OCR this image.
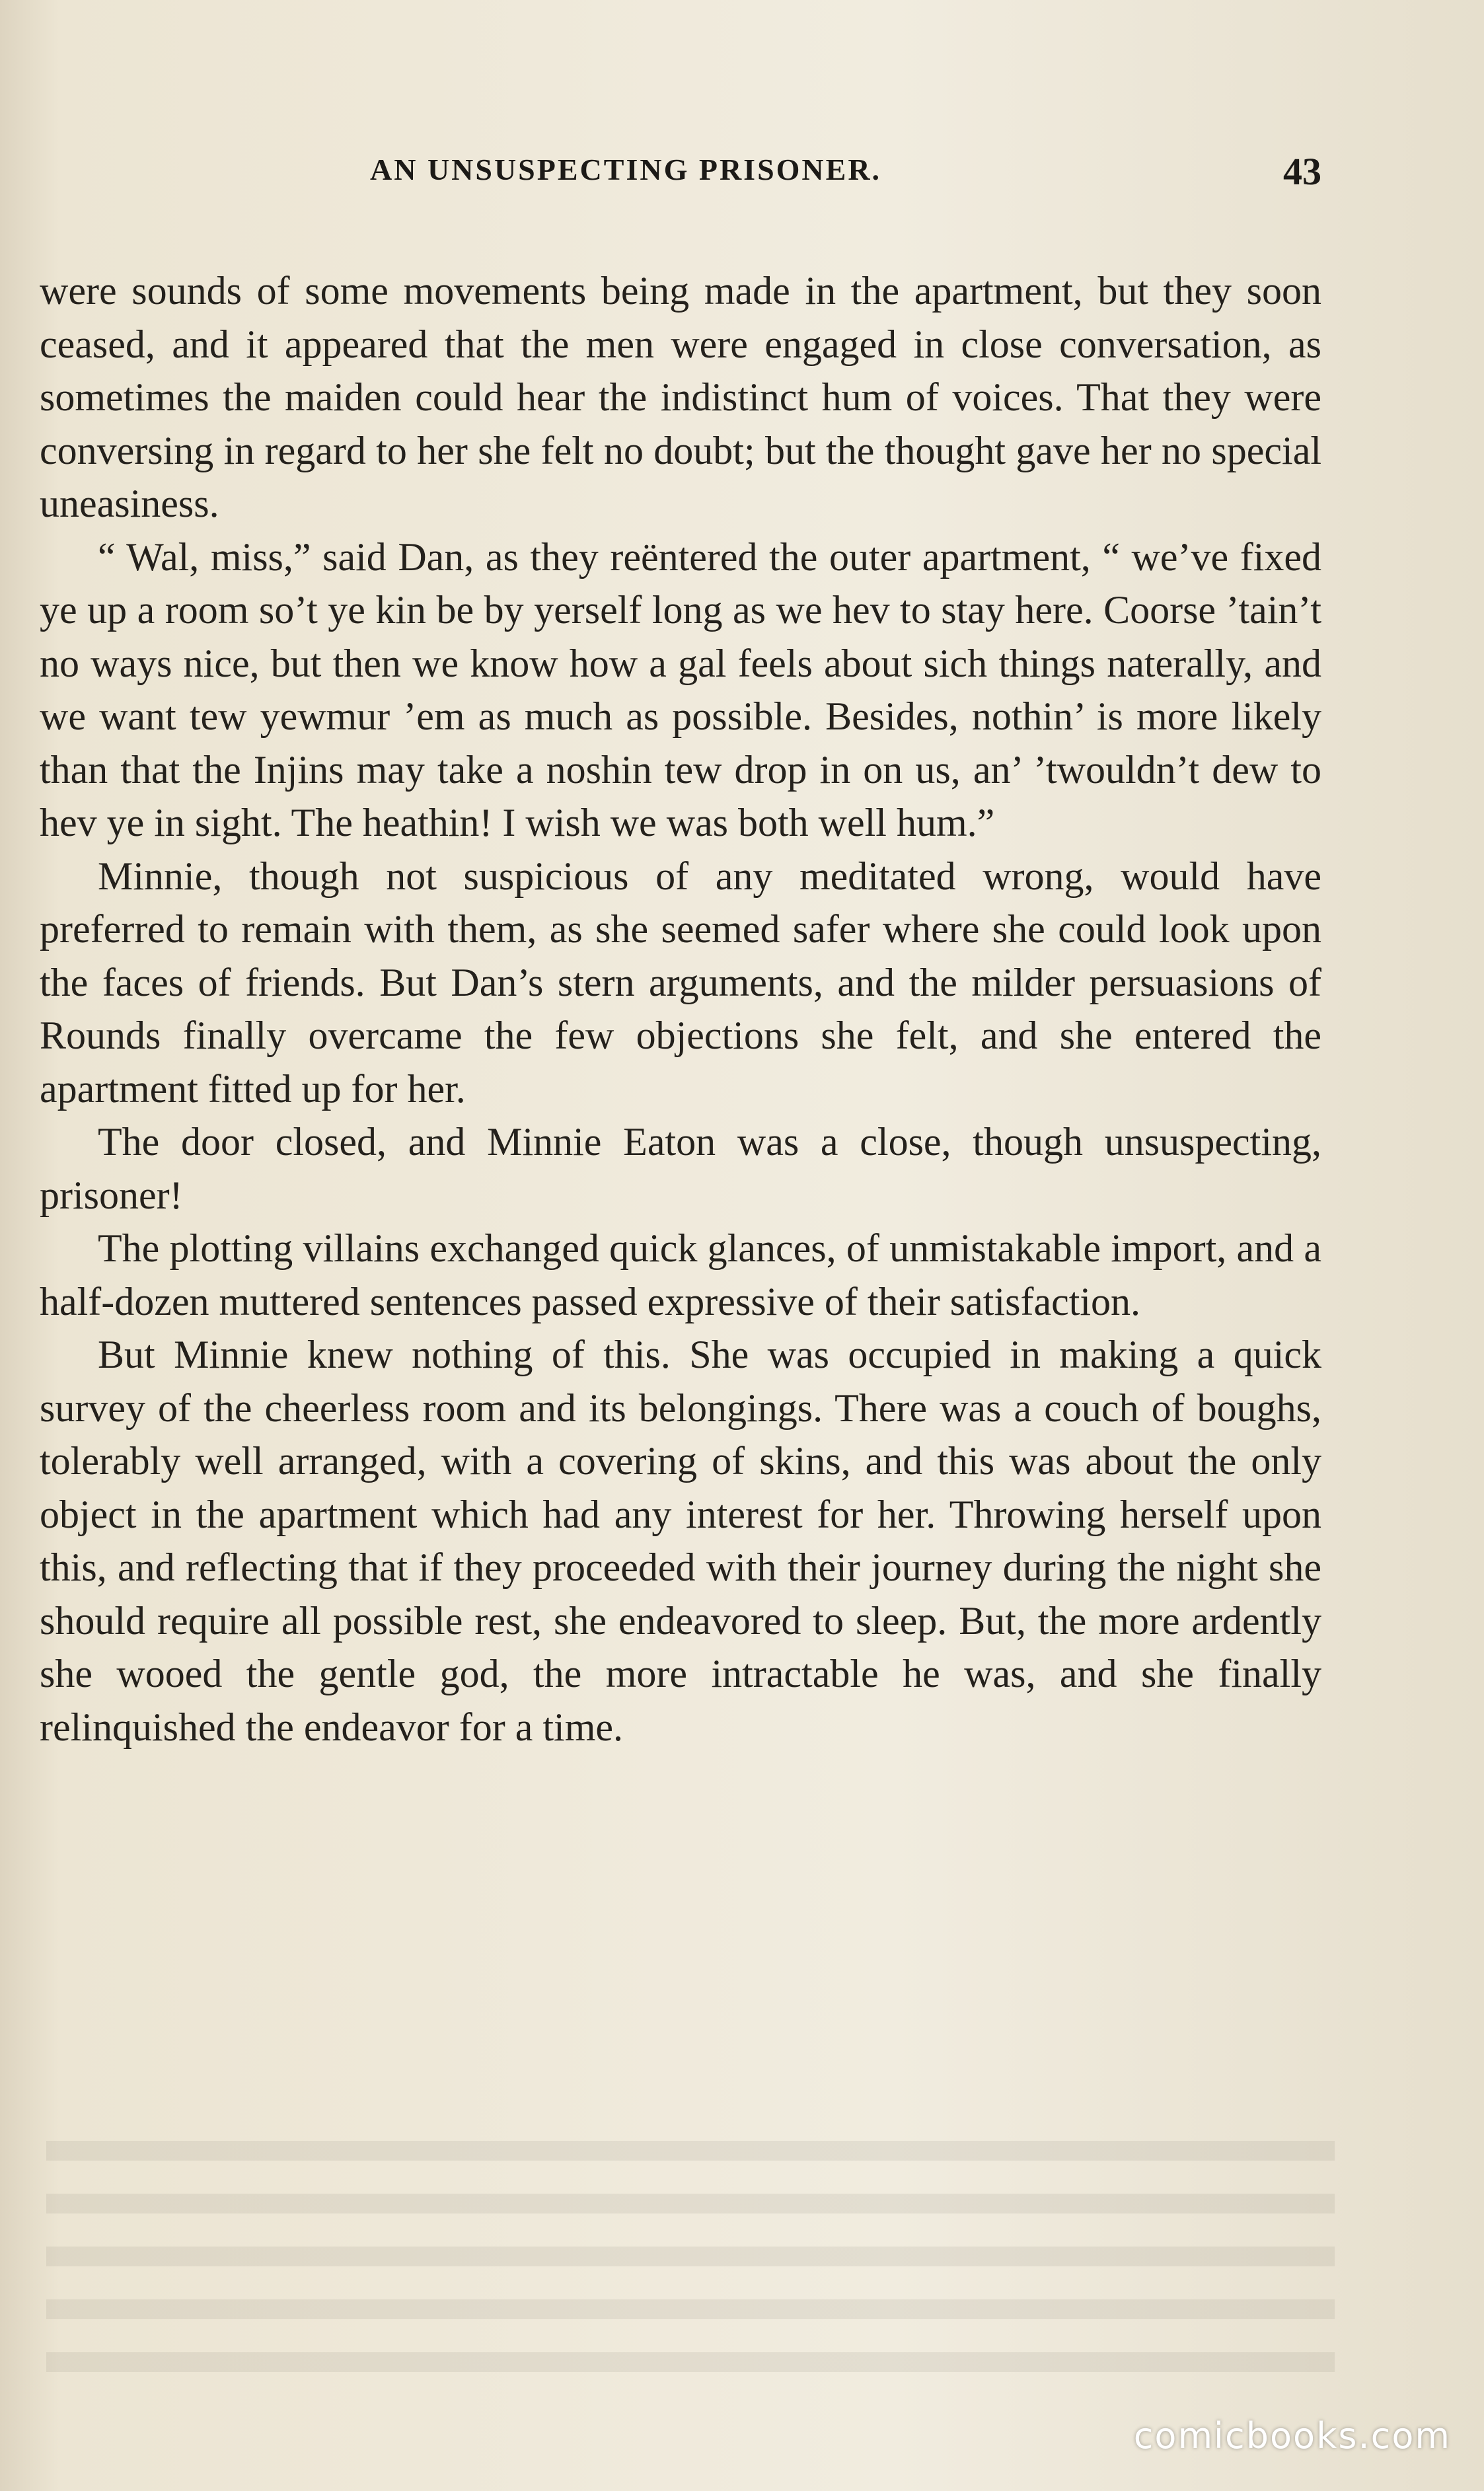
AN UNSUSPECTING PRISONER.	43

were sounds of some movements being made in the apartment, but they soon ceased, and it appeared that the men were engaged in close conversation, as sometimes the maiden could hear the indistinct hum of voices. That they were conversing in regard to her she felt no doubt; but the thought gave her no special uneasiness.

“ Wal, miss,” said Dan, as they reëntered the outer apartment, “ we’ve fixed ye up a room so’t ye kin be by yerself long as we hev to stay here. Coorse ’tain’t no ways nice, but then we know how a gal feels about sich things naterally, and we want tew yewmur ’em as much as possible. Besides, nothin’ is more likely than that the Injins may take a noshin tew drop in on us, an’ ’twouldn’t dew to hev ye in sight. The heathin! I wish we was both well hum.”

Minnie, though not suspicious of any meditated wrong, would have preferred to remain with them, as she seemed safer where she could look upon the faces of friends. But Dan’s stern arguments, and the milder persuasions of Rounds finally overcame the few objections she felt, and she entered the apartment fitted up for her.

The door closed, and Minnie Eaton was a close, though unsuspecting, prisoner!

The plotting villains exchanged quick glances, of unmistakable import, and a half-dozen muttered sentences passed expressive of their satisfaction.

But Minnie knew nothing of this. She was occupied in making a quick survey of the cheerless room and its belongings. There was a couch of boughs, tolerably well arranged, with a covering of skins, and this was about the only object in the apartment which had any interest for her. Throwing herself upon this, and reflecting that if they proceeded with their journey during the night she should require all possible rest, she endeavored to sleep. But, the more ardently she wooed the gentle god, the more intractable he was, and she finally relinquished the endeavor for a time.

comicbooks.com
